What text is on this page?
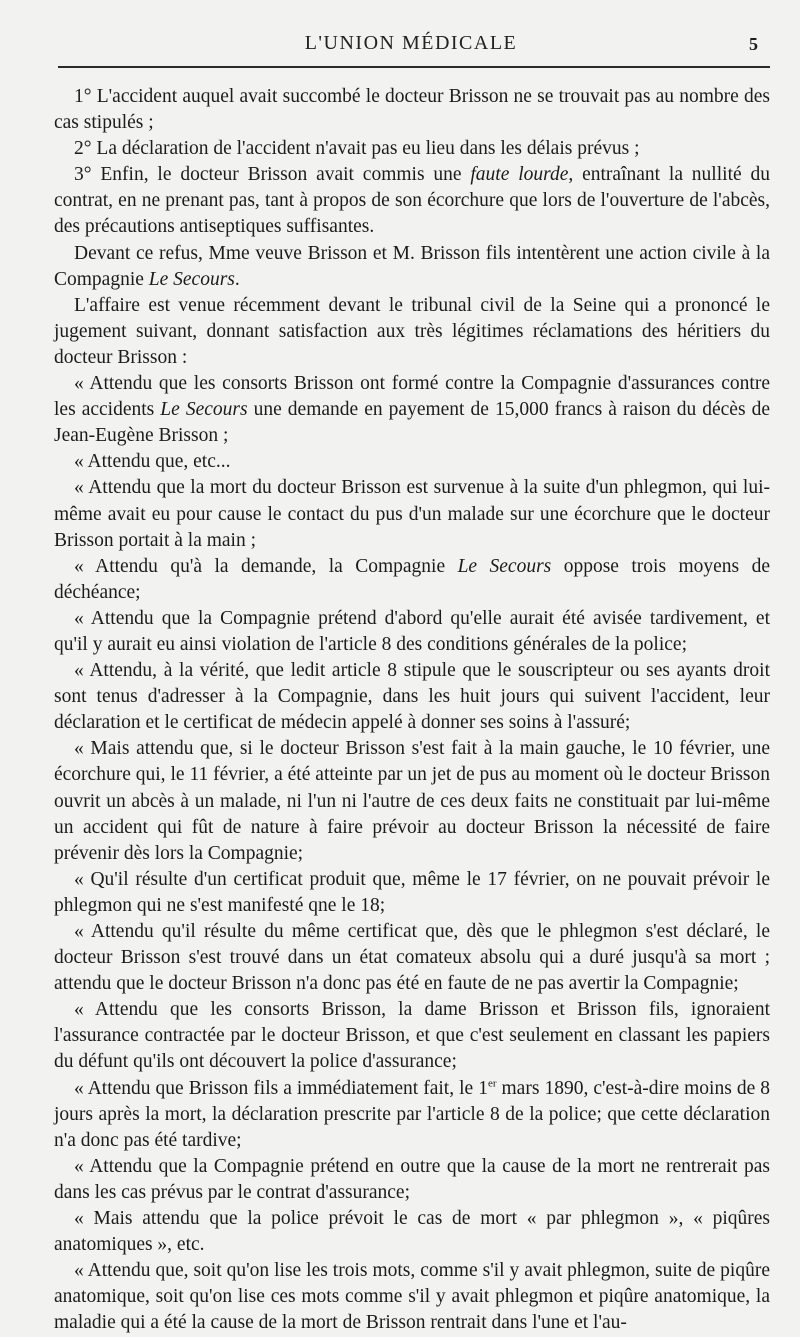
L'UNION MÉDICALE	5

1° L'accident auquel avait succombé le docteur Brisson ne se trouvait pas au nombre des cas stipulés ;

2° La déclaration de l'accident n'avait pas eu lieu dans les délais prévus ;

3° Enfin, le docteur Brisson avait commis une faute lourde, entraînant la nullité du contrat, en ne prenant pas, tant à propos de son écorchure que lors de l'ouverture de l'abcès, des précautions antiseptiques suffisantes.

Devant ce refus, Mme veuve Brisson et M. Brisson fils intentèrent une action civile à la Compagnie Le Secours.

L'affaire est venue récemment devant le tribunal civil de la Seine qui a prononcé le jugement suivant, donnant satisfaction aux très légitimes réclamations des héritiers du docteur Brisson :

« Attendu que les consorts Brisson ont formé contre la Compagnie d'assurances contre les accidents Le Secours une demande en payement de 15,000 francs à raison du décès de Jean-Eugène Brisson ;

« Attendu que, etc...

« Attendu que la mort du docteur Brisson est survenue à la suite d'un phlegmon, qui lui-même avait eu pour cause le contact du pus d'un malade sur une écorchure que le docteur Brisson portait à la main ;

« Attendu qu'à la demande, la Compagnie Le Secours oppose trois moyens de déchéance;

« Attendu que la Compagnie prétend d'abord qu'elle aurait été avisée tardivement, et qu'il y aurait eu ainsi violation de l'article 8 des conditions générales de la police;

« Attendu, à la vérité, que ledit article 8 stipule que le souscripteur ou ses ayants droit sont tenus d'adresser à la Compagnie, dans les huit jours qui suivent l'accident, leur déclaration et le certificat de médecin appelé à donner ses soins à l'assuré;

« Mais attendu que, si le docteur Brisson s'est fait à la main gauche, le 10 février, une écorchure qui, le 11 février, a été atteinte par un jet de pus au moment où le docteur Brisson ouvrit un abcès à un malade, ni l'un ni l'autre de ces deux faits ne constituait par lui-même un accident qui fût de nature à faire prévoir au docteur Brisson la nécessité de faire prévenir dès lors la Compagnie;

« Qu'il résulte d'un certificat produit que, même le 17 février, on ne pouvait prévoir le phlegmon qui ne s'est manifesté qne le 18;

« Attendu qu'il résulte du même certificat que, dès que le phlegmon s'est déclaré, le docteur Brisson s'est trouvé dans un état comateux absolu qui a duré jusqu'à sa mort ; attendu que le docteur Brisson n'a donc pas été en faute de ne pas avertir la Compagnie;

« Attendu que les consorts Brisson, la dame Brisson et Brisson fils, ignoraient l'assurance contractée par le docteur Brisson, et que c'est seulement en classant les papiers du défunt qu'ils ont découvert la police d'assurance;

« Attendu que Brisson fils a immédiatement fait, le 1er mars 1890, c'est-à-dire moins de 8 jours après la mort, la déclaration prescrite par l'article 8 de la police; que cette déclaration n'a donc pas été tardive;

« Attendu que la Compagnie prétend en outre que la cause de la mort ne rentrerait pas dans les cas prévus par le contrat d'assurance;

« Mais attendu que la police prévoit le cas de mort « par phlegmon », « piqûres anatomiques », etc.

« Attendu que, soit qu'on lise les trois mots, comme s'il y avait phlegmon, suite de piqûre anatomique, soit qu'on lise ces mots comme s'il y avait phlegmon et piqûre anatomique, la maladie qui a été la cause de la mort de Brisson rentrait dans l'une et l'au-
